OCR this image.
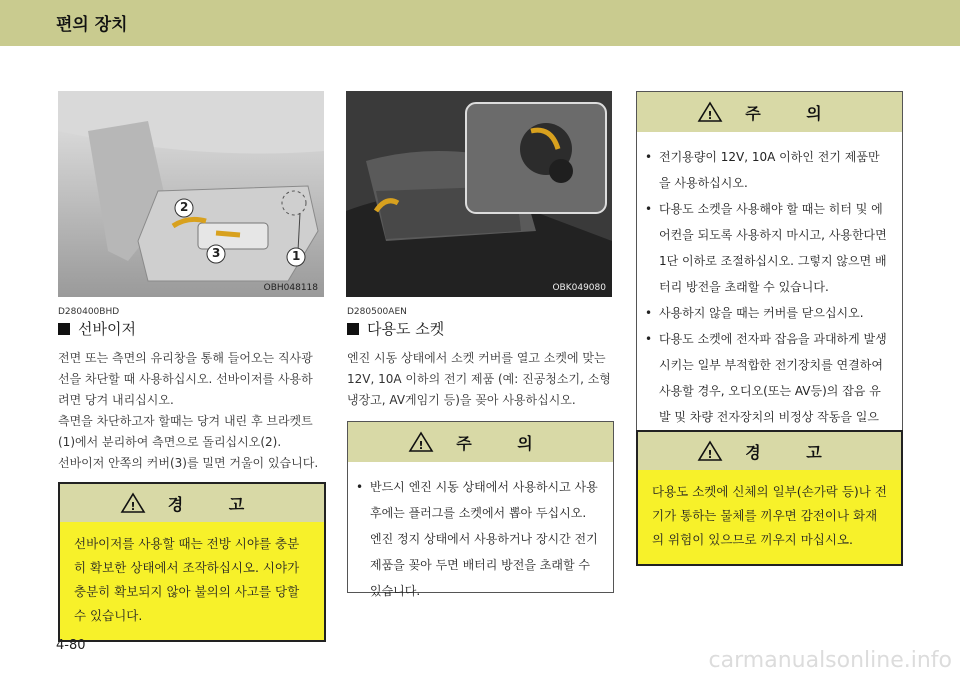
편의 장치
2
3	1
OBH048118
D280400BHD
선바이저

전면 또는 측면의 유리창을 통해 들어오는 직사광선을 차단할 때 사용하십시오. 선바이저를 사용하려면 당겨 내리십시오.

측면을 차단하고자 할때는 당겨 내린 후 브라켓트(1)에서 분리하여 측면으로 돌리십시오(2).

선바이저 안쪽의 커버(3)를 밀면 거울이 있습니다.

! 경 고
선바이저를 사용할 때는 전방 시야를 충분히 확보한 상태에서 조작하십시오. 시야가 충분히 확보되지 않아 불의의 사고를 당할 수 있습니다.
OBK049080
D280500AEN
다용도 소켓

엔진 시동 상태에서 소켓 커버를 열고 소켓에 맞는 12V, 10A 이하의 전기 제품 (예: 진공청소기, 소형 냉장고, AV게임기 등)을 꽂아 사용하십시오.

! 주 의
• 반드시 엔진 시동 상태에서 사용하시고 사용 후에는 플러그를 소켓에서 뽑아 두십시오. 엔진 정지 상태에서 사용하거나 장시간 전기 제품을 꽂아 두면 배터리 방전을 초래할 수 있습니다.
! 주 의
• 전기용량이 12V, 10A 이하인 전기 제품만을 사용하십시오.
• 다용도 소켓을 사용해야 할 때는 히터 및 에어컨을 되도록 사용하지 마시고, 사용한다면 1단 이하로 조절하십시오. 그렇지 않으면 배터리 방전을 초래할 수 있습니다.
• 사용하지 않을 때는 커버를 닫으십시오.
• 다용도 소켓에 전자파 잡음을 과대하게 발생시키는 일부 부적합한 전기장치를 연결하여 사용할 경우, 오디오(또는 AV등)의 잡음 유발 및 차량 전자장치의 비정상 작동을 일으
! 경 고
다용도 소켓에 신체의 일부(손가락 등)나 전기가 통하는 물체를 끼우면 감전이나 화재의 위험이 있으므로 끼우지 마십시오.
4-80
carmanualsonline.info
